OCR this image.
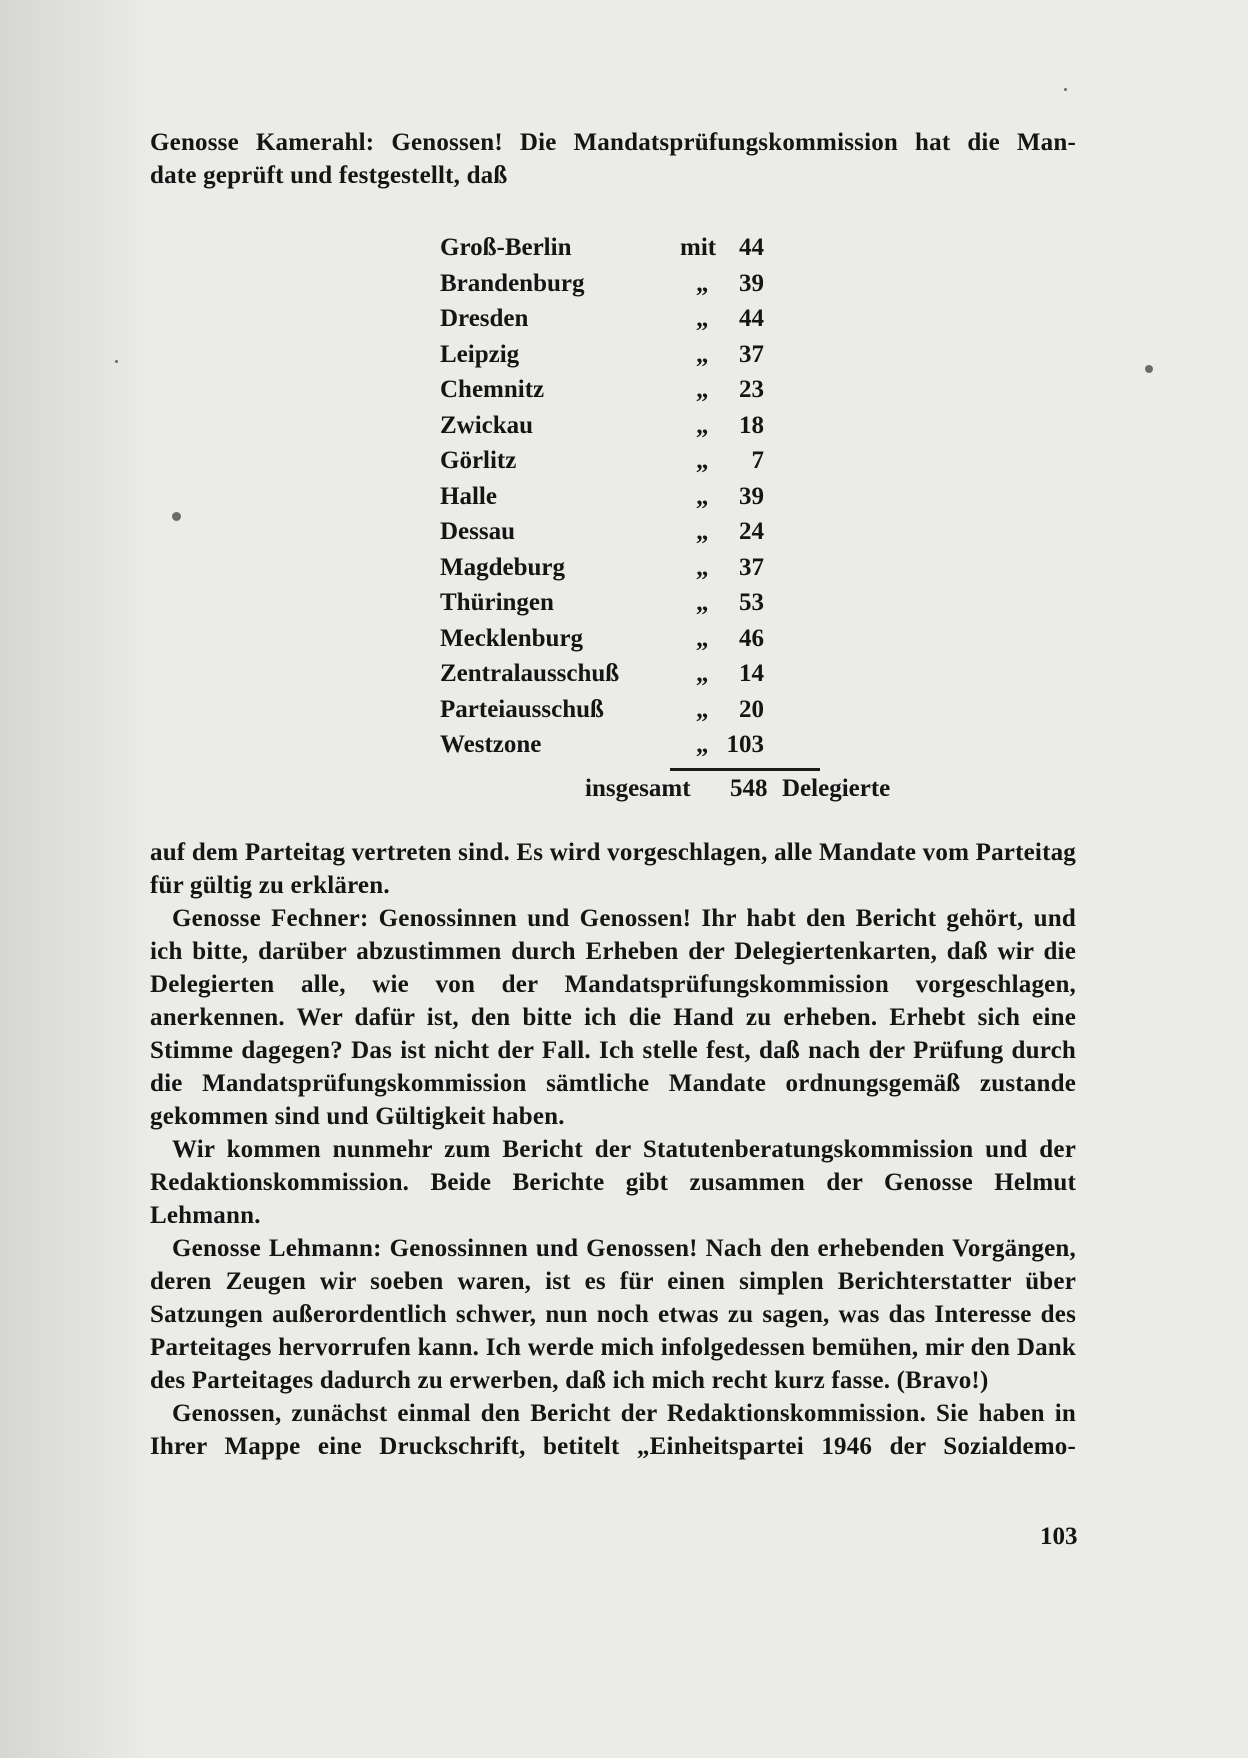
Genosse Kamerahl: Genossen! Die Mandatsprüfungskommission hat die Man-

date geprüft und festgestellt, daß

Groß-Berlin	mit 44
Brandenburg	„	39
Dresden	„	44
Leipzig	„	37
Chemnitz	„	23
Zwickau	„	18
Görlitz	„	7
Halle	„	39
Dessau	„	24
Magdeburg	„	37
Thüringen	„	53
Mecklenburg	„	46
Zentralausschuß	„	14
Parteiausschuß	„	20
Westzone	„ 103
insgesamt 548 Delegierte

auf dem Parteitag vertreten sind. Es wird vorgeschlagen, alle Mandate vom Parteitag für gültig zu erklären.

Genosse Fechner: Genossinnen und Genossen! Ihr habt den Bericht gehört, und ich bitte, darüber abzustimmen durch Erheben der Delegiertenkarten, daß wir die Delegierten alle, wie von der Mandatsprüfungskommission vorgeschlagen, anerkennen. Wer dafür ist, den bitte ich die Hand zu erheben. Erhebt sich eine Stimme dagegen? Das ist nicht der Fall. Ich stelle fest, daß nach der Prüfung durch die Mandatsprüfungskommission sämtliche Mandate ordnungsgemäß zustande gekommen sind und Gültigkeit haben.

Wir kommen nunmehr zum Bericht der Statutenberatungskommission und der Redaktionskommission. Beide Berichte gibt zusammen der Genosse Helmut Lehmann.

Genosse Lehmann: Genossinnen und Genossen! Nach den erhebenden Vorgängen, deren Zeugen wir soeben waren, ist es für einen simplen Berichterstatter über Satzungen außerordentlich schwer, nun noch etwas zu sagen, was das Interesse des Parteitages hervorrufen kann. Ich werde mich infolgedessen bemühen, mir den Dank des Parteitages dadurch zu erwerben, daß ich mich recht kurz fasse. (Bravo!)

Genossen, zunächst einmal den Bericht der Redaktionskommission. Sie haben in Ihrer Mappe eine Druckschrift, betitelt „Einheitspartei 1946 der Sozialdemo-

103
